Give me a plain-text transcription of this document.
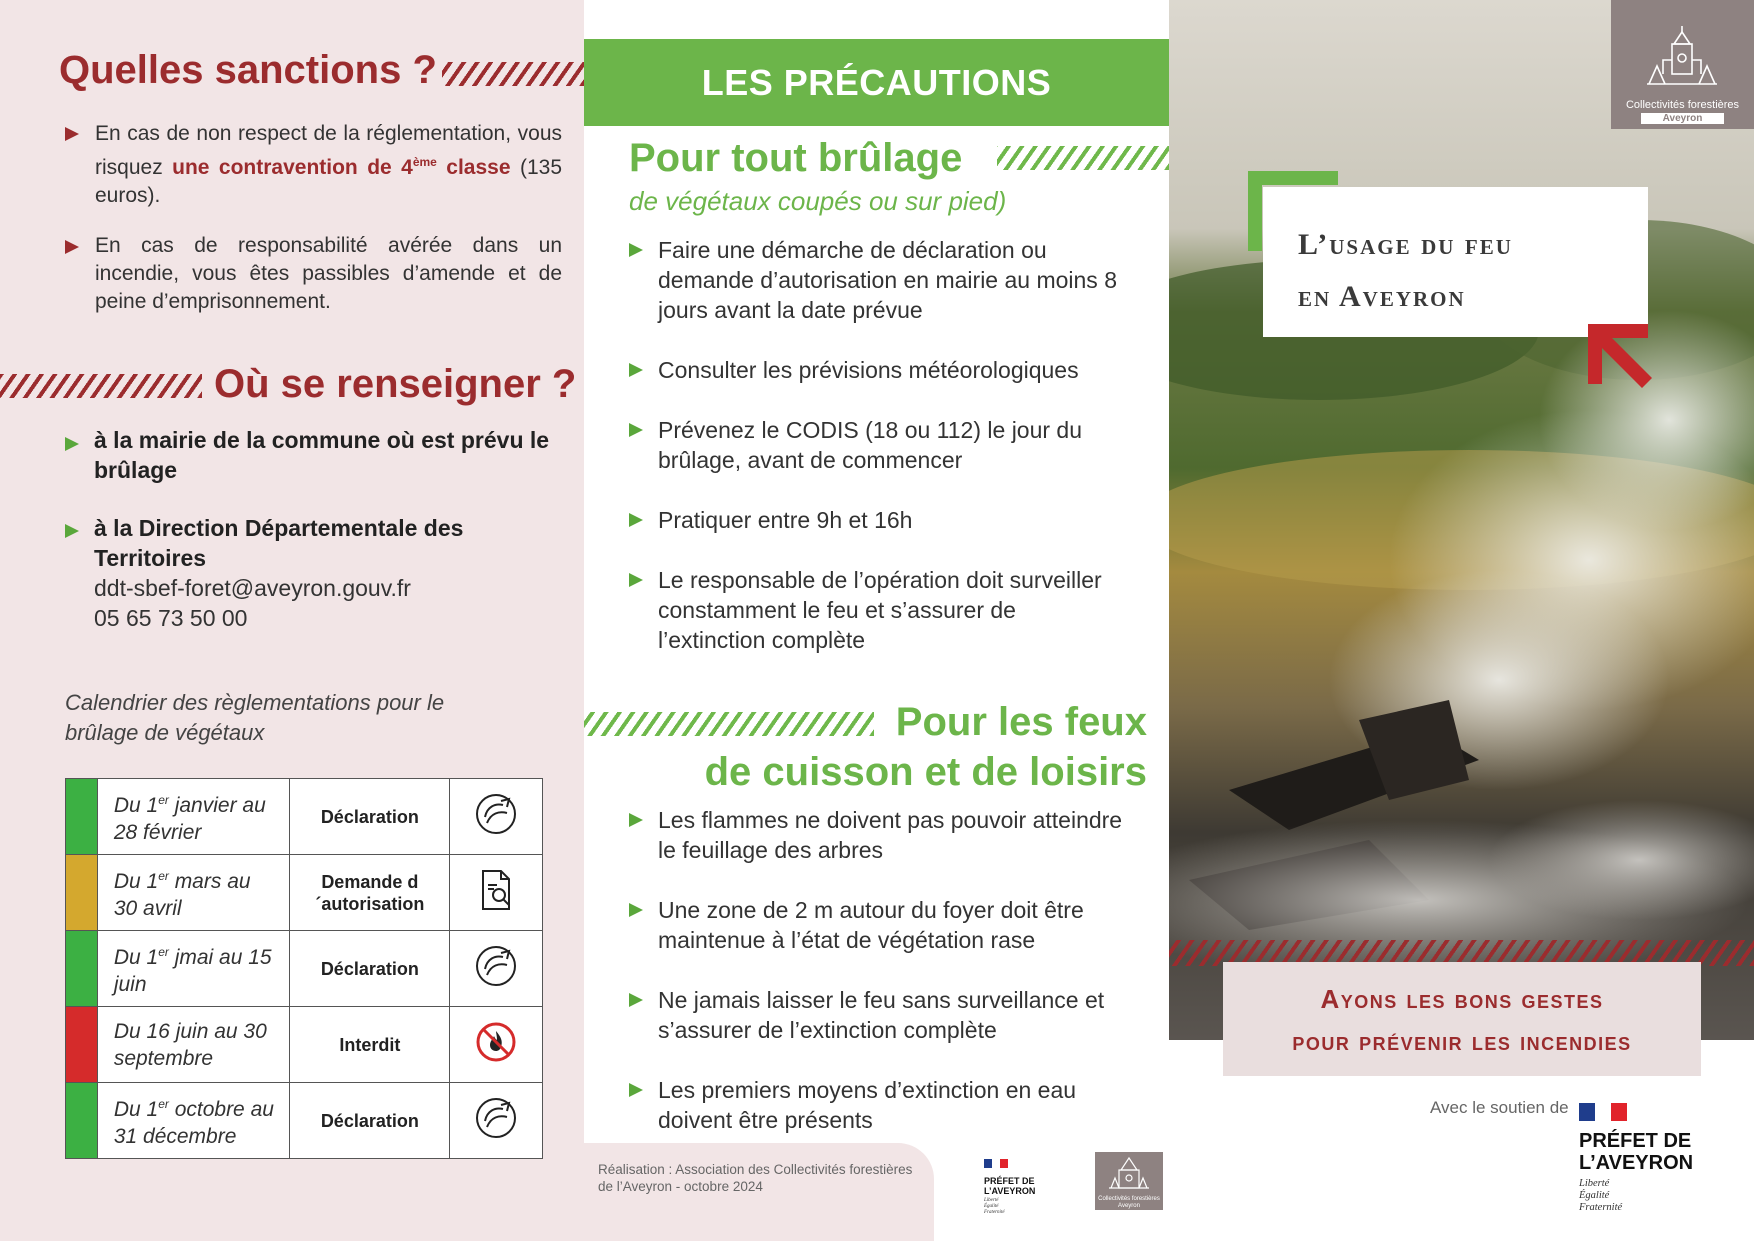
Quelles sanctions ?
En cas de non respect de la réglementation, vous risquez une contravention de 4ème classe (135 euros).
En cas de responsabilité avérée dans un incendie, vous êtes passibles d’amende et de peine d’emprisonnement.
Où se renseigner ?
à la mairie de la commune où est prévu le brûlage
à la Direction Départementale des Territoires
ddt-sbef-foret@aveyron.gouv.fr
05 65 73 50 00
Calendrier des règlementations pour le brûlage de végétaux
	Du 1er janvier au 28 février	Déclaration	
	Du 1er mars au 30 avril	Demande d´autorisation	
	Du 1er jmai au 15 juin	Déclaration	
	Du 16 juin au 30 septembre	Interdit	
	Du 1er octobre au 31 décembre	Déclaration	
LES PRÉCAUTIONS
Pour tout brûlage
de végétaux coupés ou sur pied)
Faire une démarche de déclaration ou demande d’autorisation en mairie au moins 8 jours avant la date prévue
Consulter les prévisions météorologiques
Prévenez le CODIS (18 ou 112) le jour du brûlage, avant de commencer
Pratiquer entre 9h et 16h
Le responsable de l’opération doit surveiller constamment le feu et s’assurer de l’extinction complète
Pour les feux
de cuisson et de loisirs
Les flammes ne doivent pas pouvoir atteindre le feuillage des arbres
Une zone de 2 m autour du foyer doit être maintenue à l’état de végétation rase
Ne jamais laisser le feu sans surveillance et s’assurer de l’extinction complète
Les premiers moyens d’extinction en eau doivent être présents
Réalisation : Association des Collectivités forestières de l’Aveyron - octobre 2024	PRÉFET DE L’AVEYRON
Liberté
Égalité
Fraternité
Collectivités forestières Aveyron
Collectivités forestières
Aveyron
L’usage du feu
en Aveyron
Ayons les bons gestes
pour prévenir les incendies
Avec le soutien de
PRÉFET DE L’AVEYRON
Liberté
Égalité
Fraternité
